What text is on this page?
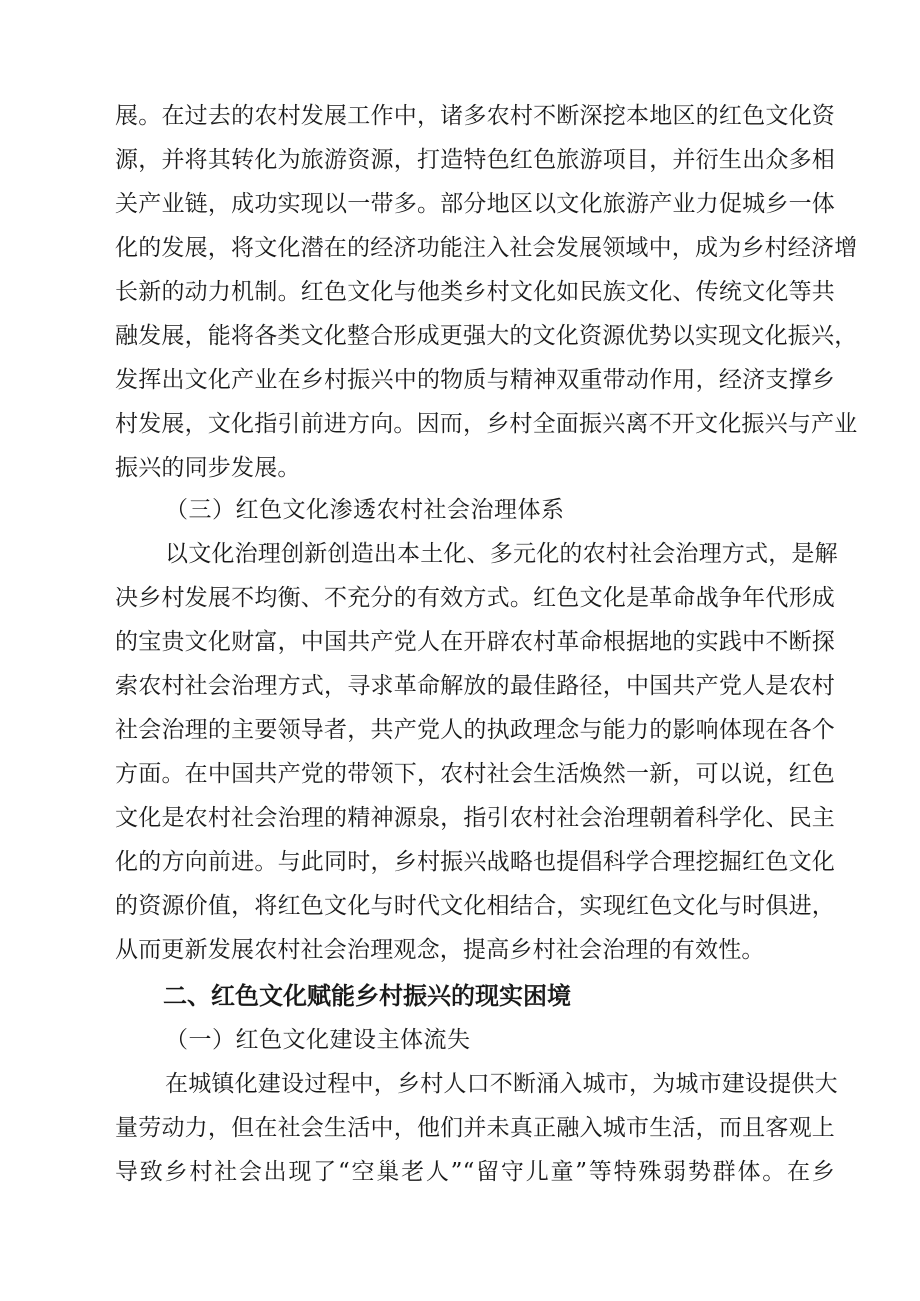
展。在过去的农村发展工作中，诸多农村不断深挖本地区的红色文化资
源，并将其转化为旅游资源，打造特色红色旅游项目，并衍生出众多相
关产业链，成功实现以一带多。部分地区以文化旅游产业力促城乡一体
化的发展，将文化潜在的经济功能注入社会发展领域中，成为乡村经济增
长新的动力机制。红色文化与他类乡村文化如民族文化、传统文化等共
融发展，能将各类文化整合形成更强大的文化资源优势以实现文化振兴，
发挥出文化产业在乡村振兴中的物质与精神双重带动作用，经济支撑乡
村发展，文化指引前进方向。因而，乡村全面振兴离不开文化振兴与产业
振兴的同步发展。
（三）红色文化渗透农村社会治理体系
以文化治理创新创造出本土化、多元化的农村社会治理方式，是解
决乡村发展不均衡、不充分的有效方式。红色文化是革命战争年代形成
的宝贵文化财富，中国共产党人在开辟农村革命根据地的实践中不断探
索农村社会治理方式，寻求革命解放的最佳路径，中国共产党人是农村
社会治理的主要领导者，共产党人的执政理念与能力的影响体现在各个
方面。在中国共产党的带领下，农村社会生活焕然一新，可以说，红色
文化是农村社会治理的精神源泉，指引农村社会治理朝着科学化、民主
化的方向前进。与此同时，乡村振兴战略也提倡科学合理挖掘红色文化
的资源价值，将红色文化与时代文化相结合，实现红色文化与时俱进，
从而更新发展农村社会治理观念，提高乡村社会治理的有效性。
二、红色文化赋能乡村振兴的现实困境
（一）红色文化建设主体流失
在城镇化建设过程中，乡村人口不断涌入城市，为城市建设提供大
量劳动力，但在社会生活中，他们并未真正融入城市生活，而且客观上
导致乡村社会出现了“空巢老人”“留守儿童”等特殊弱势群体。在乡
